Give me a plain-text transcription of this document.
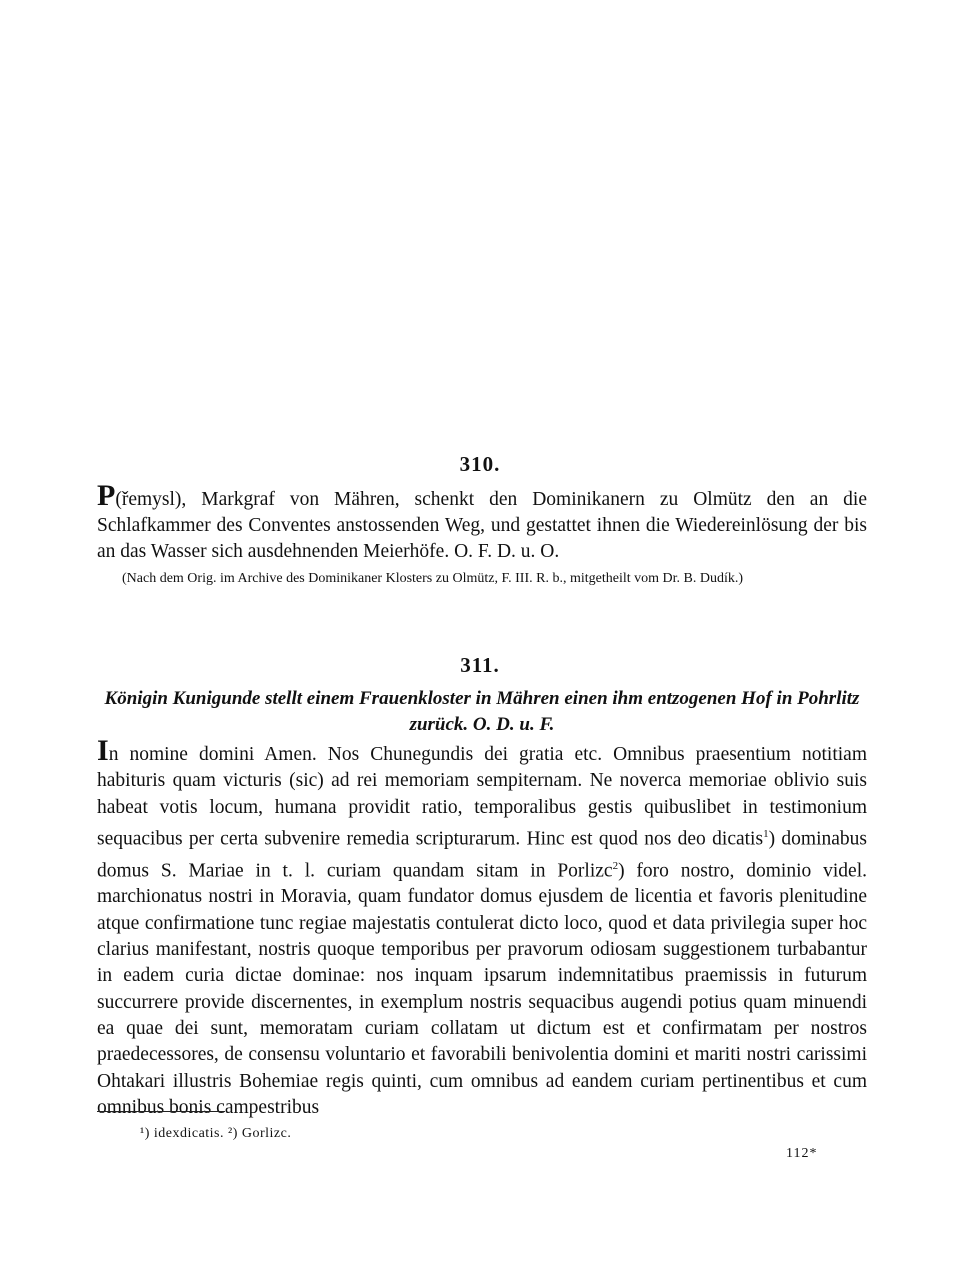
310.
P(řemysl), Markgraf von Mähren, schenkt den Dominikanern zu Olmütz den an die Schlafkammer des Conventes anstossenden Weg, und gestattet ihnen die Wiedereinlösung der bis an das Wasser sich ausdehnenden Meierhöfe. O. F. D. u. O.
(Nach dem Orig. im Archive des Dominikaner Klosters zu Olmütz, F. III. R. b., mitgetheilt vom Dr. B. Dudík.)
311.
Königin Kunigunde stellt einem Frauenkloster in Mähren einen ihm entzogenen Hof in Pohrlitz zurück. O. D. u. F.
In nomine domini Amen. Nos Chunegundis dei gratia etc. Omnibus praesentium notitiam habituris quam victuris (sic) ad rei memoriam sempiternam. Ne noverca memoriae oblivio suis habeat votis locum, humana providit ratio, temporalibus gestis quibuslibet in testimonium sequacibus per certa subvenire remedia scripturarum. Hinc est quod nos deo dicatis$^1$) dominabus domus S. Mariae in t. l. curiam quandam sitam in Porlizc$^2$) foro nostro, dominio videl. marchionatus nostri in Moravia, quam fundator domus ejusdem de licentia et favoris plenitudine atque confirmatione tunc regiae majestatis contulerat dicto loco, quod et data privilegia super hoc clarius manifestant, nostris quoque temporibus per pravorum odiosam suggestionem turbabantur in eadem curia dictae dominae: nos inquam ipsarum indemnitatibus praemissis in futurum succurrere provide discernentes, in exemplum nostris sequacibus augendi potius quam minuendi ea quae dei sunt, memoratam curiam collatam ut dictum est et confirmatam per nostros praedecessores, de consensu voluntario et favorabili benivolentia domini et mariti nostri carissimi Ohtakari illustris Bohemiae regis quinti, cum omnibus ad eandem curiam pertinentibus et cum omnibus bonis campestribus
¹) idexdicatis. ²) Gorlizc.
112*
